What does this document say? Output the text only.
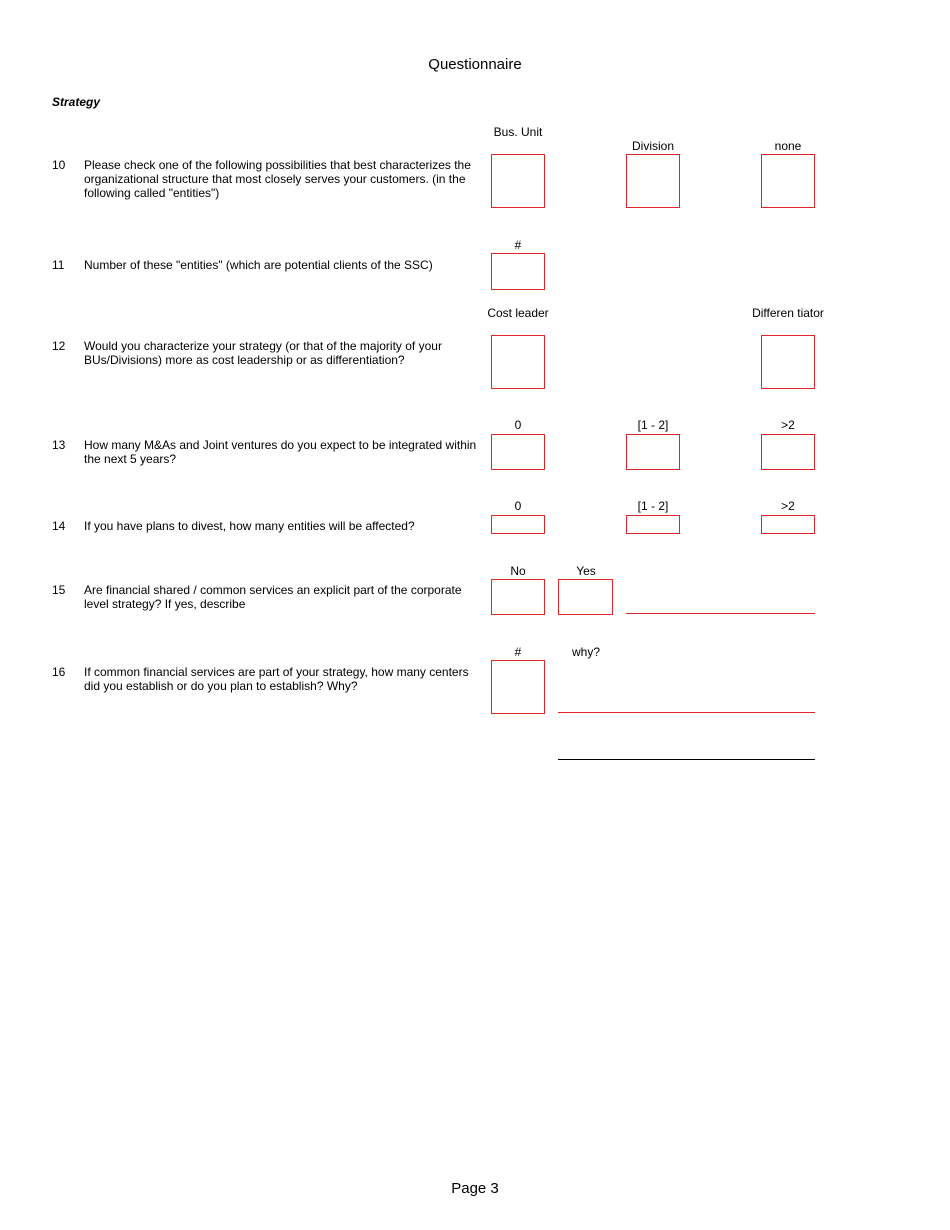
Questionnaire
Strategy
Bus. Unit
Division	none
10 Please check one of the following possibilities that best characterizes the organizational structure that most closely serves your customers. (in the following called "entities")
#
11 Number of these "entities" (which are potential clients of the SSC)
Cost leader	Differen tiator
12 Would you characterize your strategy (or that of the majority of your BUs/Divisions) more as cost leadership or as differentiation?
0	[1 - 2]	>2
13 How many M&As and Joint ventures do you expect to be integrated within the next 5 years?
0	[1 - 2]	>2
14 If you have plans to divest, how many entities will be affected?
No	Yes
15 Are financial shared / common services an explicit part of the corporate level strategy? If yes, describe
#	why?
16 If common financial services are part of your strategy, how many centers did you establish or do you plan to establish? Why?
Page 3
